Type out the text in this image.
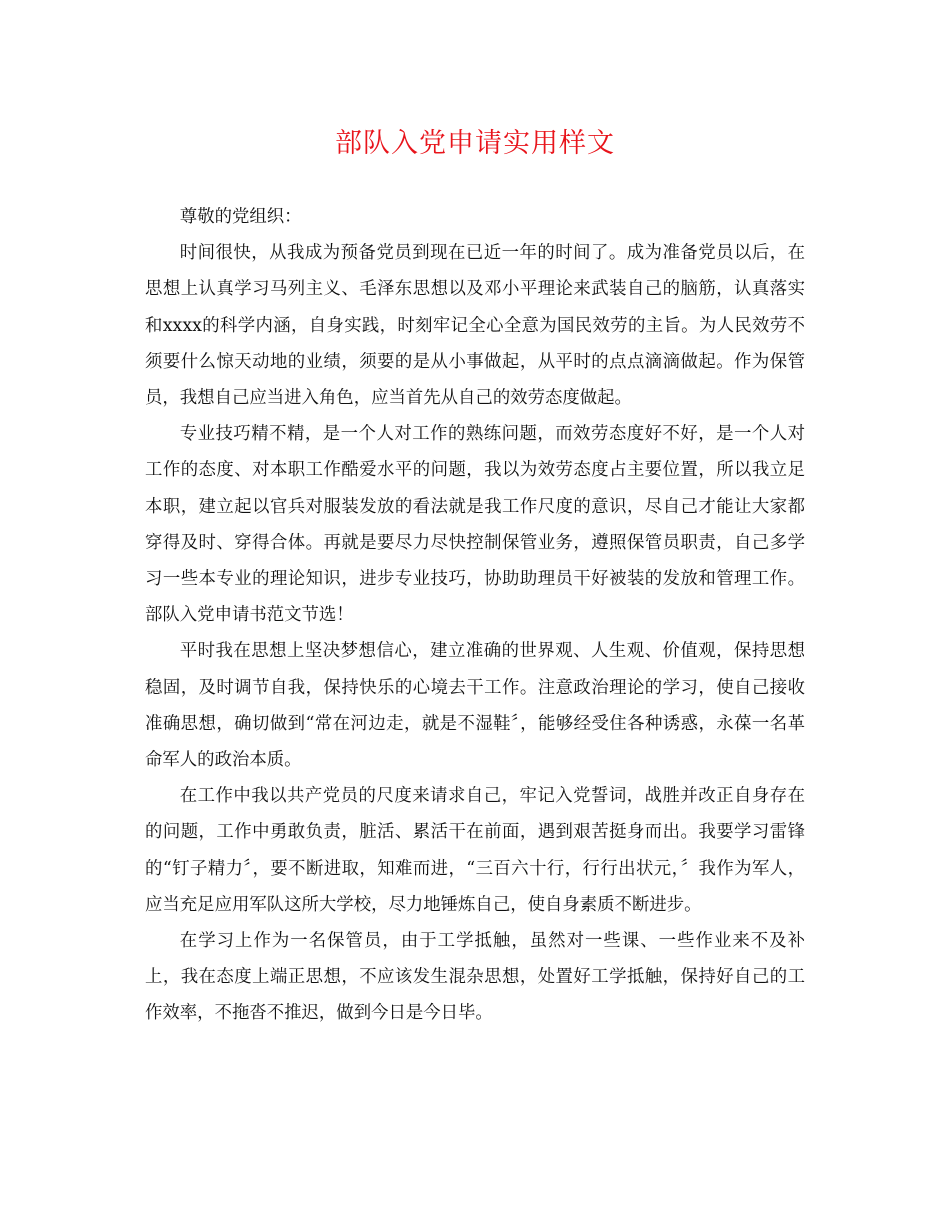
部队入党申请实用样文

尊敬的党组织：

时间很快，从我成为预备党员到现在已近一年的时间了。成为准备党员以后，在思想上认真学习马列主义、毛泽东思想以及邓小平理论来武装自己的脑筋，认真落实和xxxx的科学内涵，自身实践，时刻牢记全心全意为国民效劳的主旨。为人民效劳不须要什么惊天动地的业绩，须要的是从小事做起，从平时的点点滴滴做起。作为保管员，我想自己应当进入角色，应当首先从自己的效劳态度做起。

专业技巧精不精，是一个人对工作的熟练问题，而效劳态度好不好，是一个人对工作的态度、对本职工作酷爱水平的问题，我以为效劳态度占主要位置，所以我立足本职，建立起以官兵对服装发放的看法就是我工作尺度的意识，尽自己才能让大家都穿得及时、穿得合体。再就是要尽力尽快控制保管业务，遵照保管员职责，自己多学习一些本专业的理论知识，进步专业技巧，协助助理员干好被装的发放和管理工作。部队入党申请书范文节选！

平时我在思想上坚决梦想信心，建立准确的世界观、人生观、价值观，保持思想稳固，及时调节自我，保持快乐的心境去干工作。注意政治理论的学习，使自己接收准确思想，确切做到“常在河边走，就是不湿鞋〞，能够经受住各种诱惑，永葆一名革命军人的政治本质。

在工作中我以共产党员的尺度来请求自己，牢记入党誓词，战胜并改正自身存在的问题，工作中勇敢负责，脏活、累活干在前面，遇到艰苦挺身而出。我要学习雷锋的“钉子精力〞，要不断进取，知难而进，“三百六十行，行行出状元，〞我作为军人，应当充足应用军队这所大学校，尽力地锤炼自己，使自身素质不断进步。

在学习上作为一名保管员，由于工学抵触，虽然对一些课、一些作业来不及补上，我在态度上端正思想，不应该发生混杂思想，处置好工学抵触，保持好自己的工作效率，不拖沓不推迟，做到今日是今日毕。
